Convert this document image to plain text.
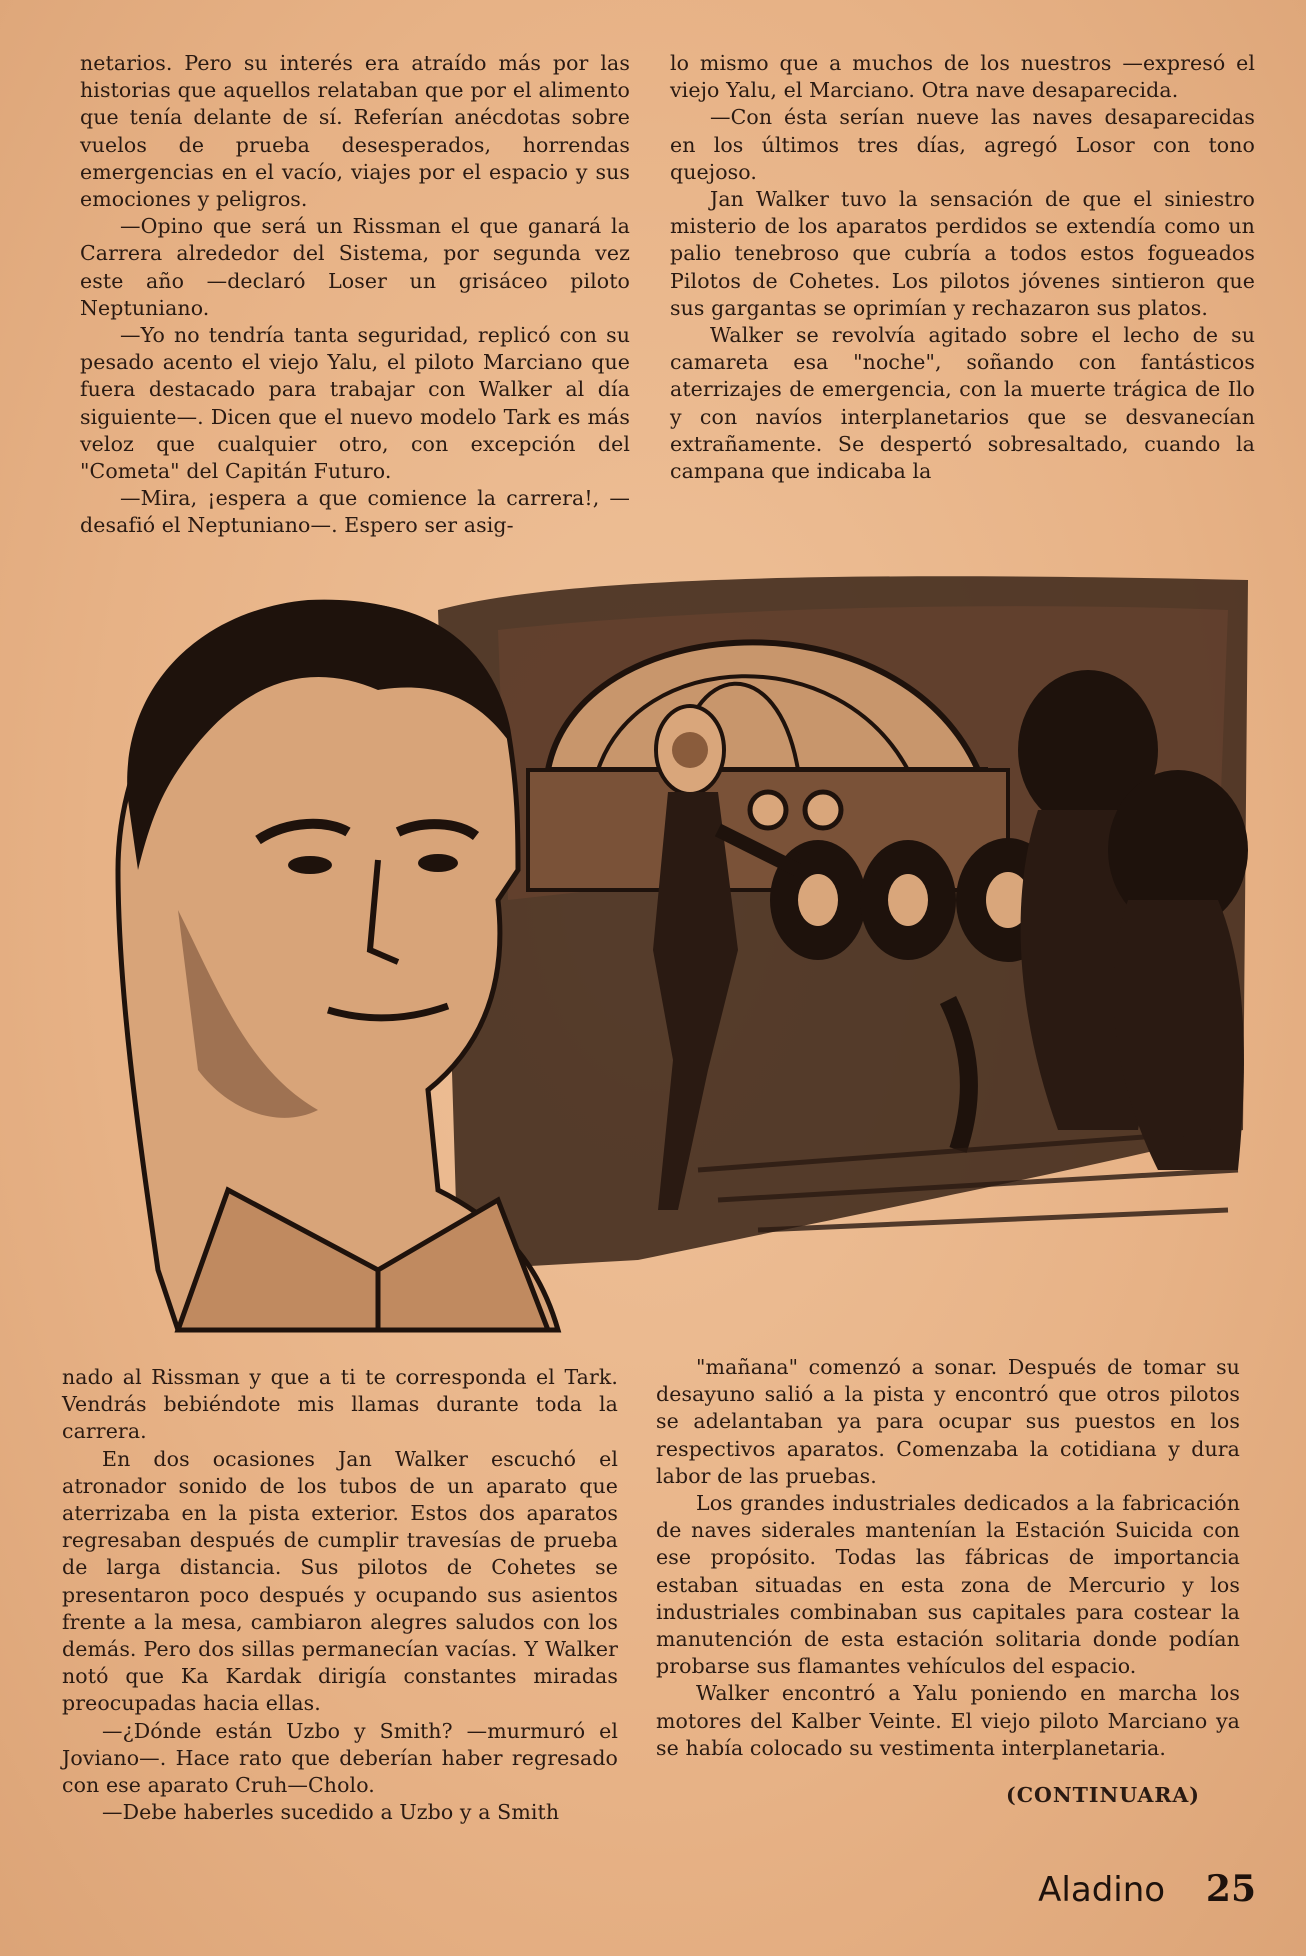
netarios. Pero su interés era atraído más por las historias que aquellos relataban que por el alimento que tenía delante de sí. Referían anécdotas sobre vuelos de prueba desesperados, horrendas emergencias en el vacío, viajes por el espacio y sus emociones y peligros.

—Opino que será un Rissman el que ganará la Carrera alrededor del Sistema, por segunda vez este año —declaró Loser un grisáceo piloto Neptuniano.

—Yo no tendría tanta seguridad, replicó con su pesado acento el viejo Yalu, el piloto Marciano que fuera destacado para trabajar con Walker al día siguiente—. Dicen que el nuevo modelo Tark es más veloz que cualquier otro, con excepción del "Cometa" del Capitán Futuro.

—Mira, ¡espera a que comience la carrera!, —desafió el Neptuniano—. Espero ser asig-

lo mismo que a muchos de los nuestros —expresó el viejo Yalu, el Marciano. Otra nave desaparecida.

—Con ésta serían nueve las naves desaparecidas en los últimos tres días, agregó Losor con tono quejoso.

Jan Walker tuvo la sensación de que el siniestro misterio de los aparatos perdidos se extendía como un palio tenebroso que cubría a todos estos fogueados Pilotos de Cohetes. Los pilotos jóvenes sintieron que sus gargantas se oprimían y rechazaron sus platos.

Walker se revolvía agitado sobre el lecho de su camareta esa "noche", soñando con fantásticos aterrizajes de emergencia, con la muerte trágica de Ilo y con navíos interplanetarios que se desvanecían extrañamente. Se despertó sobresaltado, cuando la campana que indicaba la

nado al Rissman y que a ti te corresponda el Tark. Vendrás bebiéndote mis llamas durante toda la carrera.

En dos ocasiones Jan Walker escuchó el atronador sonido de los tubos de un aparato que aterrizaba en la pista exterior. Estos dos aparatos regresaban después de cumplir travesías de prueba de larga distancia. Sus pilotos de Cohetes se presentaron poco después y ocupando sus asientos frente a la mesa, cambiaron alegres saludos con los demás. Pero dos sillas permanecían vacías. Y Walker notó que Ka Kardak dirigía constantes miradas preocupadas hacia ellas.

—¿Dónde están Uzbo y Smith? —murmuró el Joviano—. Hace rato que deberían haber regresado con ese aparato Cruh—Cholo.

—Debe haberles sucedido a Uzbo y a Smith

"mañana" comenzó a sonar. Después de tomar su desayuno salió a la pista y encontró que otros pilotos se adelantaban ya para ocupar sus puestos en los respectivos aparatos. Comenzaba la cotidiana y dura labor de las pruebas.

Los grandes industriales dedicados a la fabricación de naves siderales mantenían la Estación Suicida con ese propósito. Todas las fábricas de importancia estaban situadas en esta zona de Mercurio y los industriales combinaban sus capitales para costear la manutención de esta estación solitaria donde podían probarse sus flamantes vehículos del espacio.

Walker encontró a Yalu poniendo en marcha los motores del Kalber Veinte. El viejo piloto Marciano ya se había colocado su vestimenta interplanetaria.

(CONTINUARA)

Aladino 25
